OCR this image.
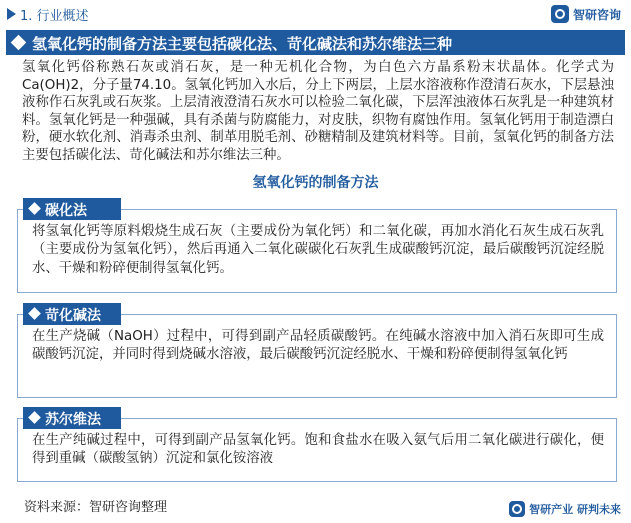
1. 行业概述	智研咨询
氢氧化钙的制备方法主要包括碳化法、苛化碱法和苏尔维法三种
氢氧化钙俗称熟石灰或消石灰，是一种无机化合物，为白色六方晶系粉末状晶体。化学式为Ca(OH)2，分子量74.10。氢氧化钙加入水后，分上下两层，上层水溶液称作澄清石灰水，下层悬浊液称作石灰乳或石灰浆。上层清液澄清石灰水可以检验二氧化碳，下层浑浊液体石灰乳是一种建筑材料。氢氧化钙是一种强碱，具有杀菌与防腐能力，对皮肤，织物有腐蚀作用。氢氧化钙用于制造漂白粉，硬水软化剂、消毒杀虫剂、制革用脱毛剂、砂糖精制及建筑材料等。目前，氢氧化钙的制备方法主要包括碳化法、苛化碱法和苏尔维法三种。
氢氧化钙的制备方法
碳化法
将氢氧化钙等原料煅烧生成石灰（主要成份为氧化钙）和二氧化碳，再加水消化石灰生成石灰乳（主要成份为氢氧化钙），然后再通入二氧化碳碳化石灰乳生成碳酸钙沉淀，最后碳酸钙沉淀经脱水、干燥和粉碎便制得氢氧化钙。
苛化碱法
在生产烧碱（NaOH）过程中，可得到副产品轻质碳酸钙。在纯碱水溶液中加入消石灰即可生成碳酸钙沉淀，并同时得到烧碱水溶液，最后碳酸钙沉淀经脱水、干燥和粉碎便制得氢氧化钙
苏尔维法
在生产纯碱过程中，可得到副产品氢氧化钙。饱和食盐水在吸入氨气后用二氧化碳进行碳化，便得到重碱（碳酸氢钠）沉淀和氯化铵溶液
资料来源：智研咨询整理	智研产业 研判未来
